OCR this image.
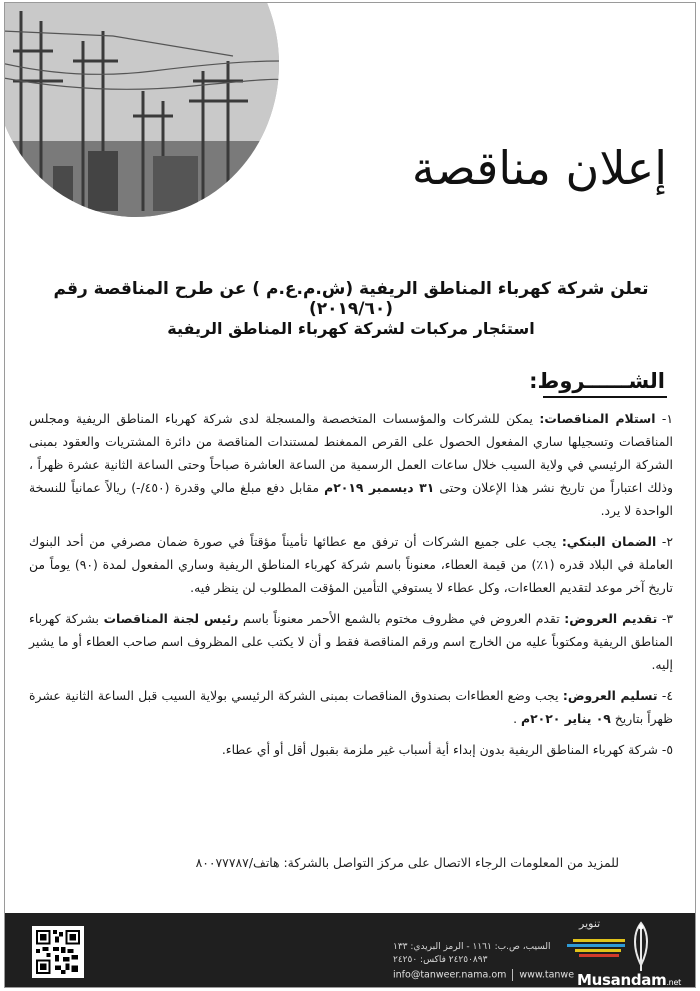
إعلان مناقصة
تعلن شركة كهرباء المناطق الريفية (ش.م.ع.م ) عن طرح المناقصة رقم (٢٠١٩/٦٠)
استئجار مركبات لشركة كهرباء المناطق الريفية
الشــــــروط:

١- استلام المناقصات: يمكن للشركات والمؤسسات المتخصصة والمسجلة لدى شركة كهرباء المناطق الريفية ومجلس المناقصات وتسجيلها ساري المفعول الحصول على القرص الممغنط لمستندات المناقصة من دائرة المشتريات والعقود بمبنى الشركة الرئيسي في ولاية السيب خلال ساعات العمل الرسمية من الساعة العاشرة صباحاً وحتى الساعة الثانية عشرة ظهراً ، وذلك اعتباراً من تاريخ نشر هذا الإعلان وحتى ٣١ ديسمبر ٢٠١٩م مقابل دفع مبلغ مالي وقدرة (٤٥٠/-) ريالاً عمانياً للنسخة الواحدة لا يرد.

٢- الضمان البنكي: يجب على جميع الشركات أن ترفق مع عطائها تأميناً مؤقتاً في صورة ضمان مصرفي من أحد البنوك العاملة في البلاد قدره (١٪) من قيمة العطاء، معنوناً باسم شركة كهرباء المناطق الريفية وساري المفعول لمدة (٩٠) يوماً من تاريخ آخر موعد لتقديم العطاءات، وكل عطاء لا يستوفي التأمين المؤقت المطلوب لن ينظر فيه.

٣- تقديم العروض: تقدم العروض في مظروف مختوم بالشمع الأحمر معنوناً باسم رئيس لجنة المناقصات بشركة كهرباء المناطق الريفية ومكتوباً عليه من الخارج اسم ورقم المناقصة فقط و أن لا يكتب على المظروف اسم صاحب العطاء أو ما يشير إليه.

٤- تسليم العروض: يجب وضع العطاءات بصندوق المناقصات بمبنى الشركة الرئيسي بولاية السيب قبل الساعة الثانية عشرة ظهراً بتاريخ ٠٩ يناير ٢٠٢٠م .

٥- شركة كهرباء المناطق الريفية بدون إبداء أية أسباب غير ملزمة بقبول أقل أو أي عطاء.

للمزيد من المعلومات الرجاء الاتصال على مركز التواصل بالشركة: هاتف/٨٠٠٧٧٧٨٧
السيب، ص.ب: ١١٦١ - الرمز البريدي: ١٣٣
٢٤٢٥٠٨٩٣ فاكس: ٢٤٢٥٠
info@tanweer.nama.om www.tanwe
تنوير
Musandam.net
